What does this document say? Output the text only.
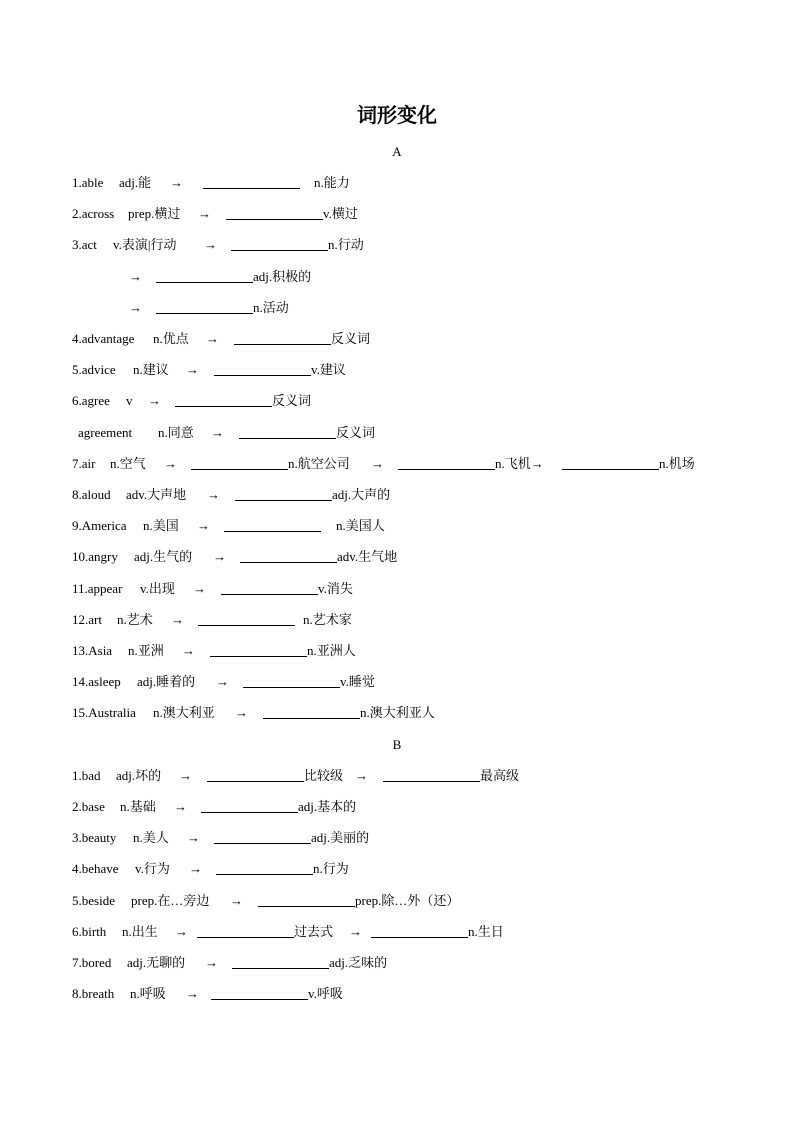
词形变化
A
1.able adj.能 →	n.能力
2.across prep.横过 →	v.横过
3.act v.表演|行动 →	n.行动
→	adj.积极的
→	n.活动
4.advantage n.优点 →	反义词
5.advice n.建议 →	v.建议
6.agree v →	反义词
agreement n.同意 →	反义词
7.air n.空气 →	n.航空公司 →	n.飞机→	n.机场
8.aloud adv.大声地 →	adj.大声的
9.America n.美国 →	n.美国人
10.angry adj.生气的 →	adv.生气地
11.appear v.出现 →	v.消失
12.art n.艺术 →	n.艺术家
13.Asia n.亚洲 →	n.亚洲人
14.asleep adj.睡着的 →	v.睡觉
15.Australia n.澳大利亚 →	n.澳大利亚人
B
1.bad adj.坏的 →	比较级 →	最高级
2.base n.基础 →	adj.基本的
3.beauty n.美人 →	adj.美丽的
4.behave v.行为 →	n.行为
5.beside prep.在…旁边 →	prep.除…外（还）
6.birth n.出生 →	过去式 →	n.生日
7.bored adj.无聊的 →	adj.乏味的
8.breath n.呼吸 →	v.呼吸
